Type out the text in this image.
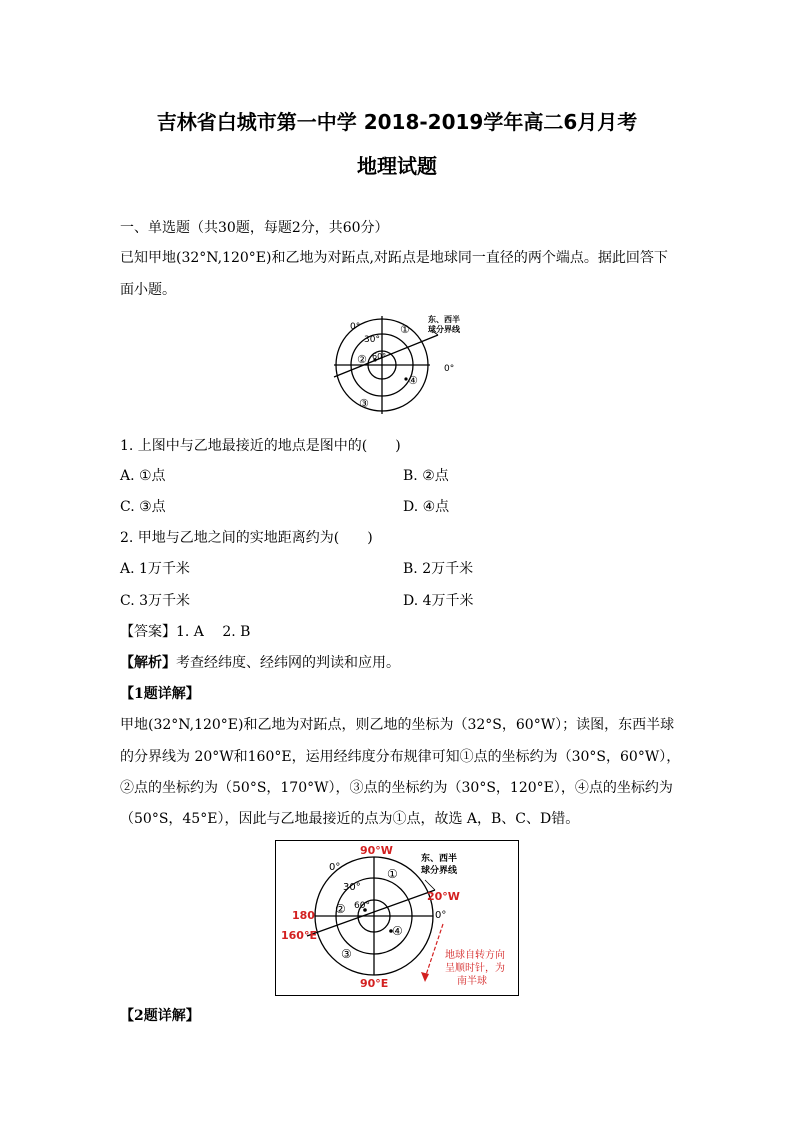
吉林省白城市第一中学 2018-2019学年高二6月月考
地理试题
一、单选题（共30题，每题2分，共60分）
已知甲地(32°N,120°E)和乙地为对跖点,对跖点是地球同一直径的两个端点。据此回答下
面小题。
0°
30°
60°
①
②
③
④
0°
东、西半
球分界线
1. 上图中与乙地最接近的地点是图中的(　　)
A. ①点	B. ②点
C. ③点	D. ④点
2. 甲地与乙地之间的实地距离约为(　　)
A. 1万千米	B. 2万千米
C. 3万千米	D. 4万千米
【答案】1. A　 2. B
【解析】考查经纬度、经纬网的判读和应用。
【1题详解】
甲地(32°N,120°E)和乙地为对跖点，则乙地的坐标为（32°S，60°W）；读图，东西半球
的分界线为 20°W和160°E，运用经纬度分布规律可知①点的坐标约为（30°S，60°W），
②点的坐标约为（50°S，170°W），③点的坐标约为（30°S，120°E），④点的坐标约为
（50°S，45°E），因此与乙地最接近的点为①点，故选 A，B、C、D错。
0°
30°
60°
①
②
③
④
0°
东、西半
球分界线
90°W
90°E
180
160°E
20°W
地球自转方向
呈顺时针，为
南半球
【2题详解】
